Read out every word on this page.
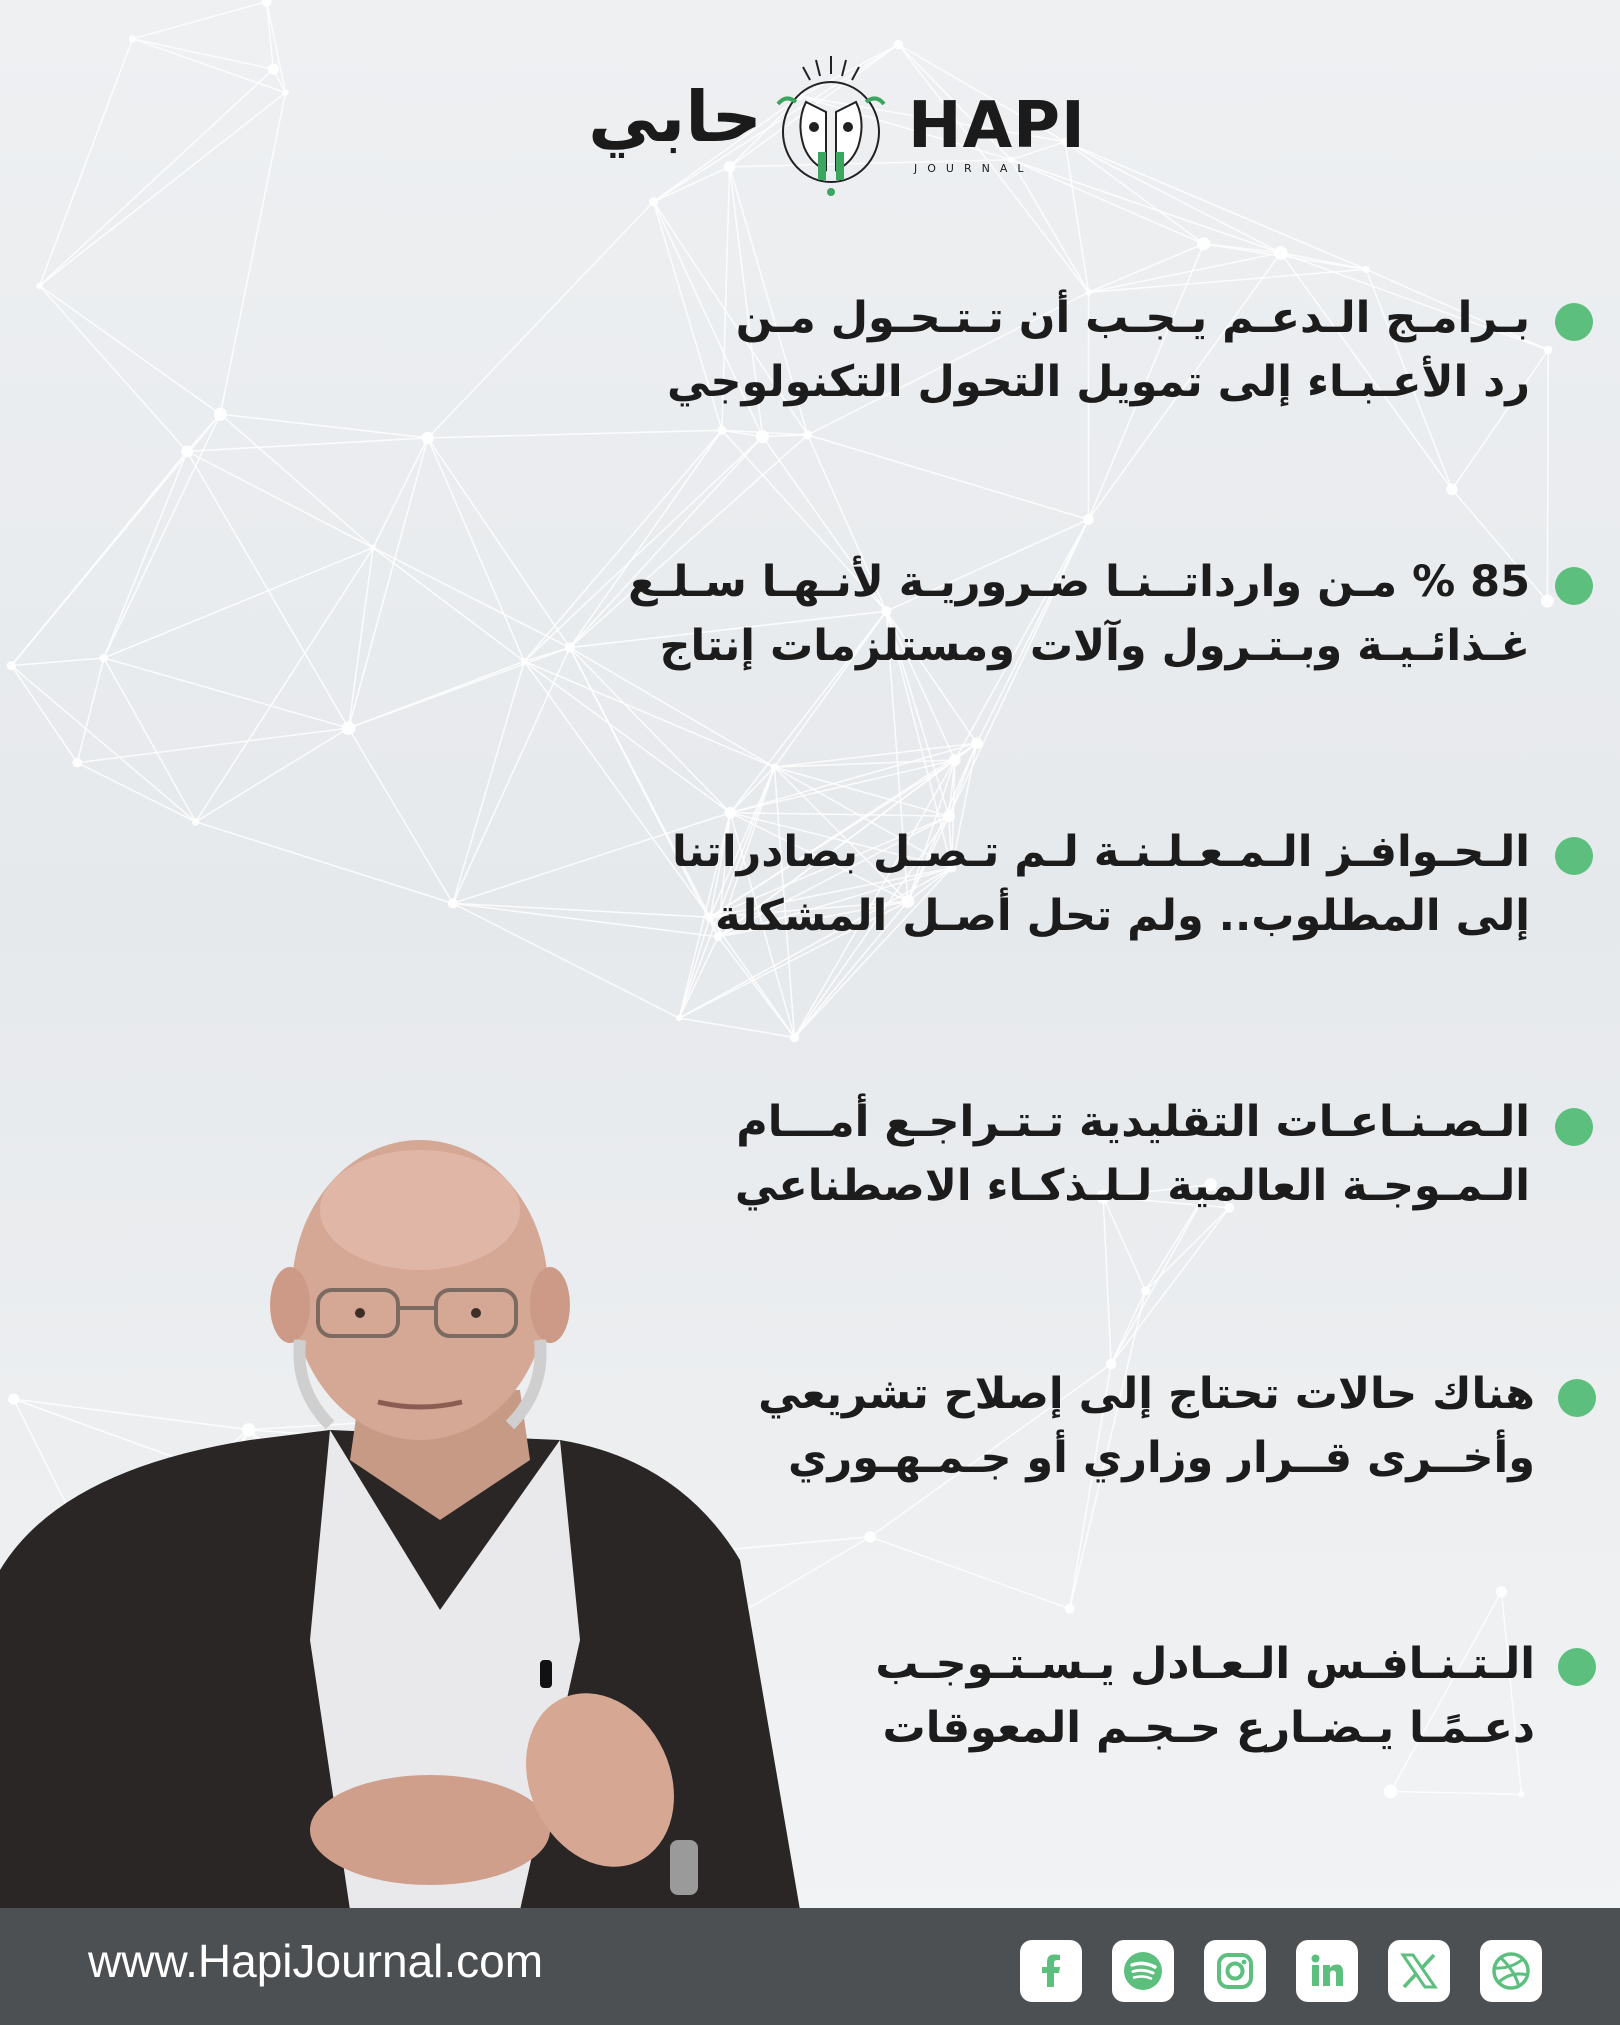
حابي HAPI
JOURNAL
بـرامـج الـدعـم يـجـب أن تـتـحـول مـن
رد الأعـبـاء إلى تمويل التحول التكنولوجي
85 % مـن وارداتــنـا ضـروريـة لأنـهـا سـلـع
غـذائـيـة وبـتـرول وآلات ومستلزمات إنتاج
الـحـوافـز الـمـعـلـنـة لـم تـصـل بصادراتنا
إلى المطلوب.. ولم تحل أصـل المشكلة
الـصـنـاعـات التقليدية تـتـراجـع أمـــام
الـمـوجـة العالمية لـلـذكـاء الاصطناعي
هناك حالات تحتاج إلى إصلاح تشريعي
وأخــرى قــرار وزاري أو جـمـهـوري
الـتـنـافـس الـعـادل يـسـتـوجـب
دعـمًـا يـضـارع حـجـم المعوقات
www.HapiJournal.com
